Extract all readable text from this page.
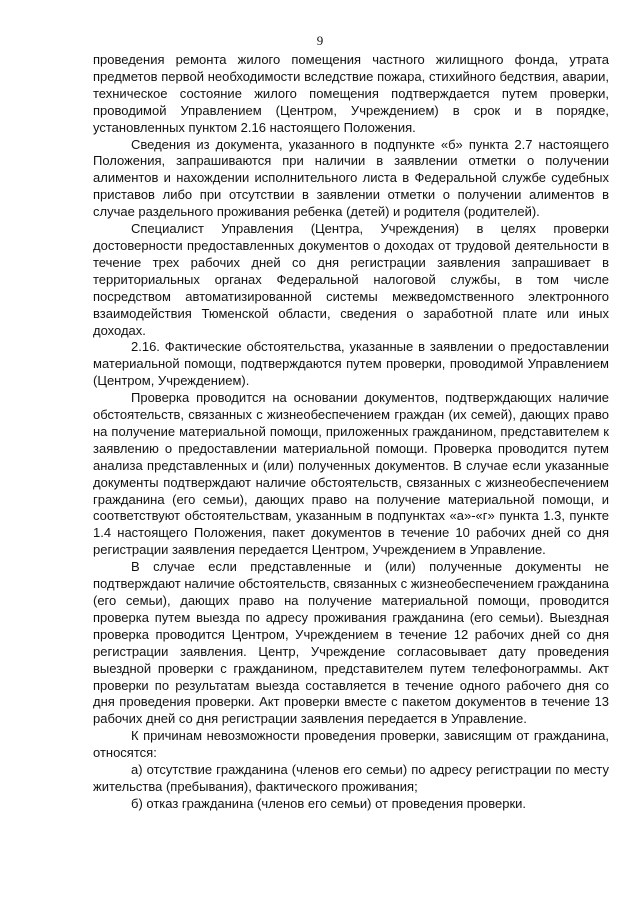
9

проведения ремонта жилого помещения частного жилищного фонда, утрата предметов первой необходимости вследствие пожара, стихийного бедствия, аварии, техническое состояние жилого помещения подтверждается путем проверки, проводимой Управлением (Центром, Учреждением) в срок и в порядке, установленных пунктом 2.16 настоящего Положения.

Сведения из документа, указанного в подпункте «б» пункта 2.7 настоящего Положения, запрашиваются при наличии в заявлении отметки о получении алиментов и нахождении исполнительного листа в Федеральной службе судебных приставов либо при отсутствии в заявлении отметки о получении алиментов в случае раздельного проживания ребенка (детей) и родителя (родителей).

Специалист Управления (Центра, Учреждения) в целях проверки достоверности предоставленных документов о доходах от трудовой деятельности в течение трех рабочих дней со дня регистрации заявления запрашивает в территориальных органах Федеральной налоговой службы, в том числе посредством автоматизированной системы межведомственного электронного взаимодействия Тюменской области, сведения о заработной плате или иных доходах.

2.16. Фактические обстоятельства, указанные в заявлении о предоставлении материальной помощи, подтверждаются путем проверки, проводимой Управлением (Центром, Учреждением).

Проверка проводится на основании документов, подтверждающих наличие обстоятельств, связанных с жизнеобеспечением граждан (их семей), дающих право на получение материальной помощи, приложенных гражданином, представителем к заявлению о предоставлении материальной помощи. Проверка проводится путем анализа представленных и (или) полученных документов. В случае если указанные документы подтверждают наличие обстоятельств, связанных с жизнеобеспечением гражданина (его семьи), дающих право на получение материальной помощи, и соответствуют обстоятельствам, указанным в подпунктах «а»-«г» пункта 1.3, пункте 1.4 настоящего Положения, пакет документов в течение 10 рабочих дней со дня регистрации заявления передается Центром, Учреждением в Управление.

В случае если представленные и (или) полученные документы не подтверждают наличие обстоятельств, связанных с жизнеобеспечением гражданина (его семьи), дающих право на получение материальной помощи, проводится проверка путем выезда по адресу проживания гражданина (его семьи). Выездная проверка проводится Центром, Учреждением в течение 12 рабочих дней со дня регистрации заявления. Центр, Учреждение согласовывает дату проведения выездной проверки с гражданином, представителем путем телефонограммы. Акт проверки по результатам выезда составляется в течение одного рабочего дня со дня проведения проверки. Акт проверки вместе с пакетом документов в течение 13 рабочих дней со дня регистрации заявления передается в Управление.

К причинам невозможности проведения проверки, зависящим от гражданина, относятся:

а) отсутствие гражданина (членов его семьи) по адресу регистрации по месту жительства (пребывания), фактического проживания;

б) отказ гражданина (членов его семьи) от проведения проверки.
